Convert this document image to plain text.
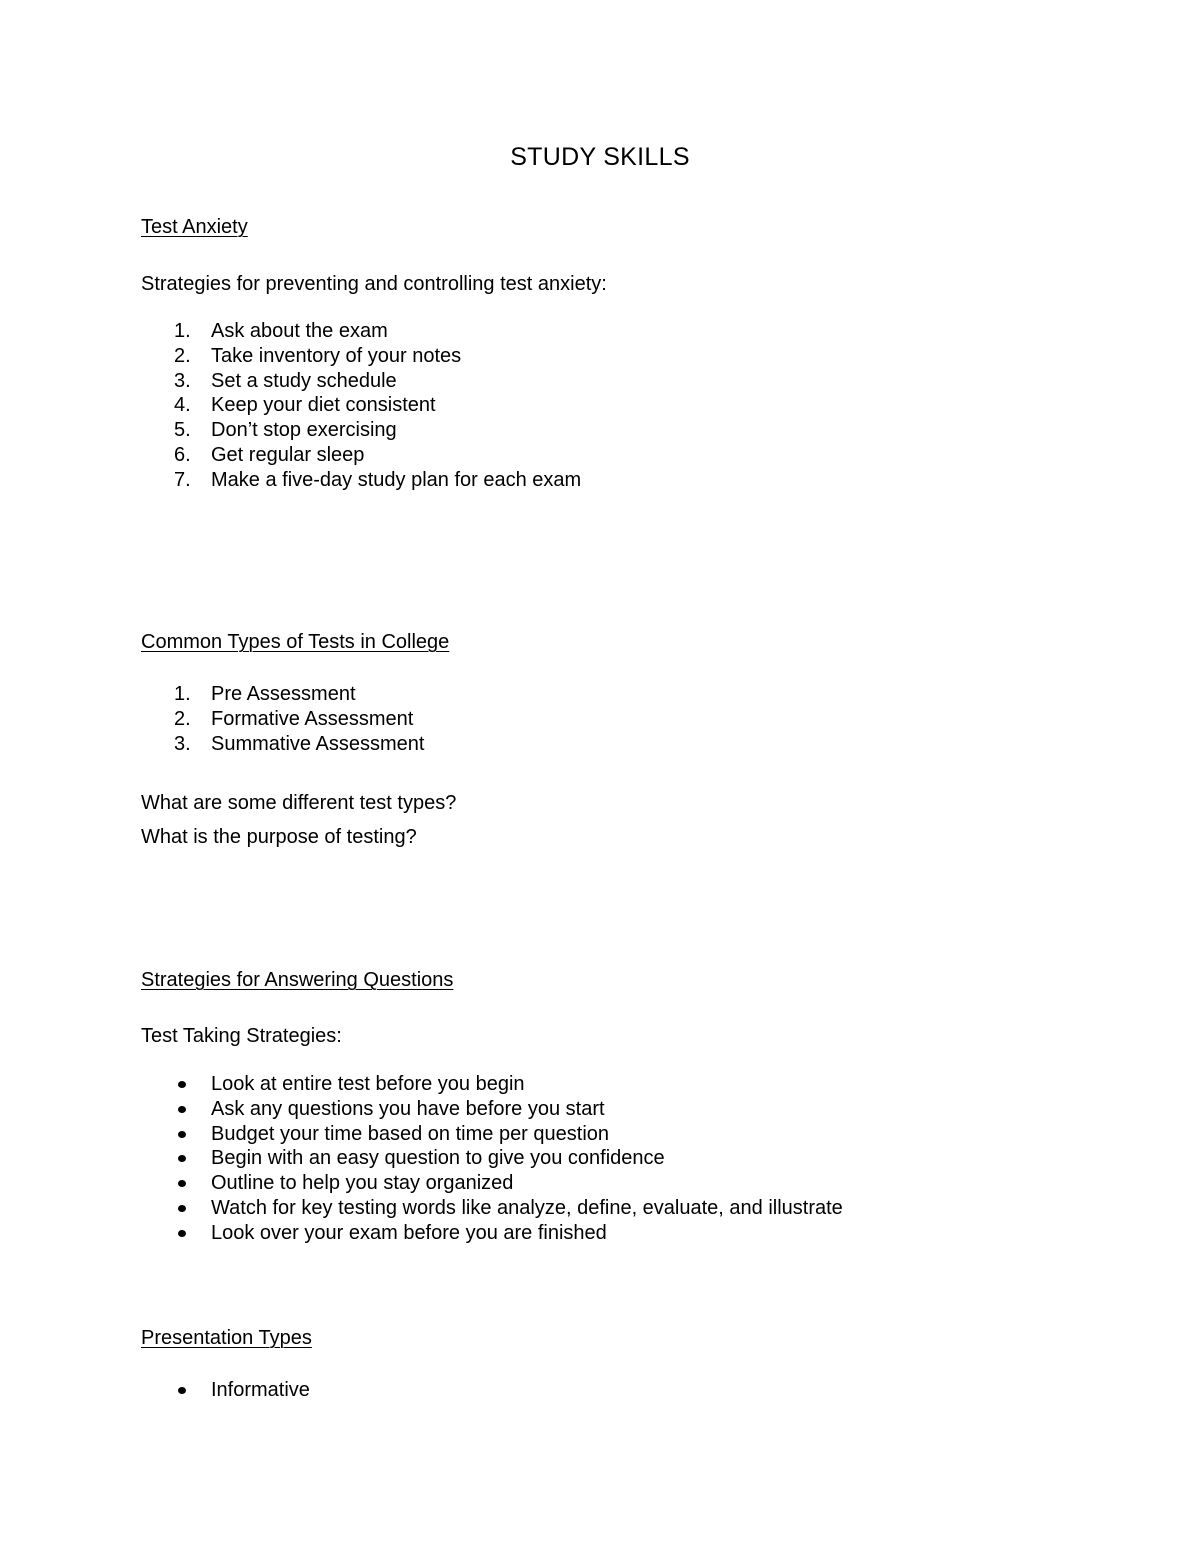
STUDY SKILLS
Test Anxiety
Strategies for preventing and controlling test anxiety:
1.	Ask about the exam
2.	Take inventory of your notes
3.	Set a study schedule
4.	Keep your diet consistent
5.	Don’t stop exercising
6.	Get regular sleep
7.	Make a five-day study plan for each exam
Common Types of Tests in College
1.	Pre Assessment
2.	Formative Assessment
3.	Summative Assessment
What are some different test types?
What is the purpose of testing?
Strategies for Answering Questions
Test Taking Strategies:
Look at entire test before you begin
Ask any questions you have before you start
Budget your time based on time per question
Begin with an easy question to give you confidence
Outline to help you stay organized
Watch for key testing words like analyze, define, evaluate, and illustrate
Look over your exam before you are finished
Presentation Types
Informative
